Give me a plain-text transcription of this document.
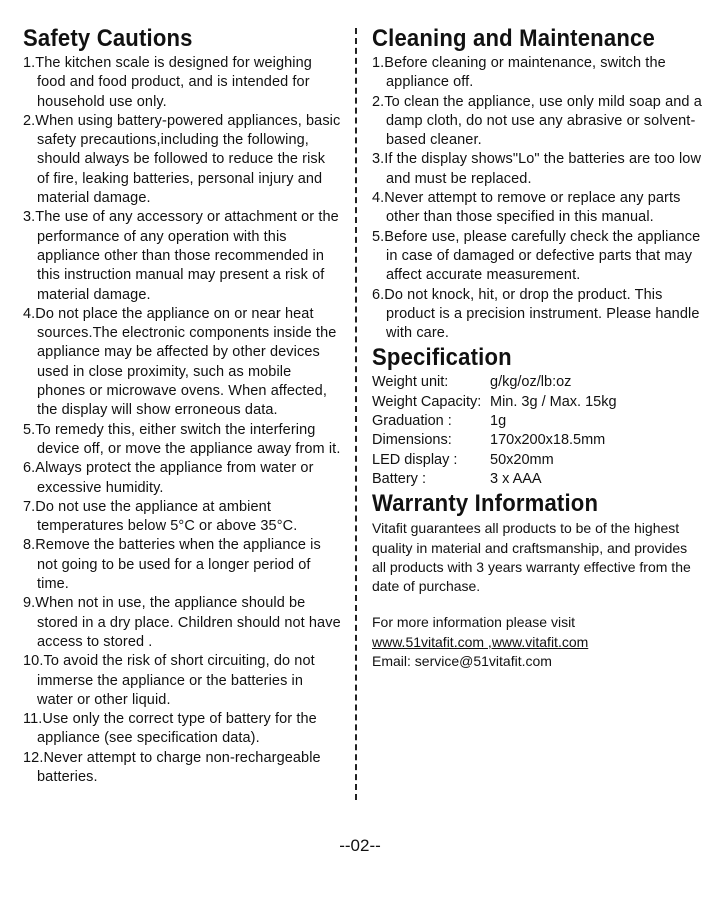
Safety Cautions
1.The kitchen scale is designed for weighing food and food product, and is intended for household use only.
2.When using battery-powered appliances, basic safety precautions,including the following, should always be followed to reduce the risk of fire, leaking batteries, personal injury and material damage.
3.The use of any accessory or attachment or the performance of any operation with this appliance other than those recommended in this instruction manual may present a risk of material damage.
4.Do not place the appliance on or near heat sources.The electronic components inside the appliance may be affected by other devices used in close proximity, such as mobile phones or microwave ovens. When affected, the display will show erroneous data.
5.To remedy this, either switch the interfering device off, or move the appliance away from it.
6.Always protect the appliance from water or excessive humidity.
7.Do not use the appliance at ambient temperatures below 5°C or above 35°C.
8.Remove the batteries when the appliance is not going to be used for a longer period of time.
9.When not in use, the appliance should be stored in a dry place. Children should not have access to stored .
10.To avoid the risk of short circuiting, do not immerse the appliance or the batteries in water or other liquid.
11.Use only the correct type of battery for the appliance (see specification data).
12.Never attempt to charge non-rechargeable batteries.
Cleaning and Maintenance
1.Before cleaning or maintenance, switch the appliance off.
2.To clean the appliance, use only mild soap and a damp cloth, do not use any abrasive or solvent-based cleaner.
3.If the display shows"Lo" the batteries are too low and must be replaced.
4.Never attempt to remove or replace any parts other than those specified in this manual.
5.Before use, please carefully check the appliance in case of damaged or defective parts that may affect accurate measurement.
6.Do not knock, hit, or drop the product. This product is a precision instrument. Please handle with care.
Specification
Weight unit:	g/kg/oz/lb:oz
Weight Capacity: Min. 3g / Max. 15kg
Graduation :	1g
Dimensions:	170x200x18.5mm
LED display :	50x20mm
Battery :	3 x AAA
Warranty Information

Vitafit guarantees all products to be of the highest quality in material and craftsmanship, and provides all products with 3 years warranty effective from the date of purchase.

For more information please visit

www.51vitafit.com ,www.vitafit.com

Email: service@51vitafit.com

--02--
